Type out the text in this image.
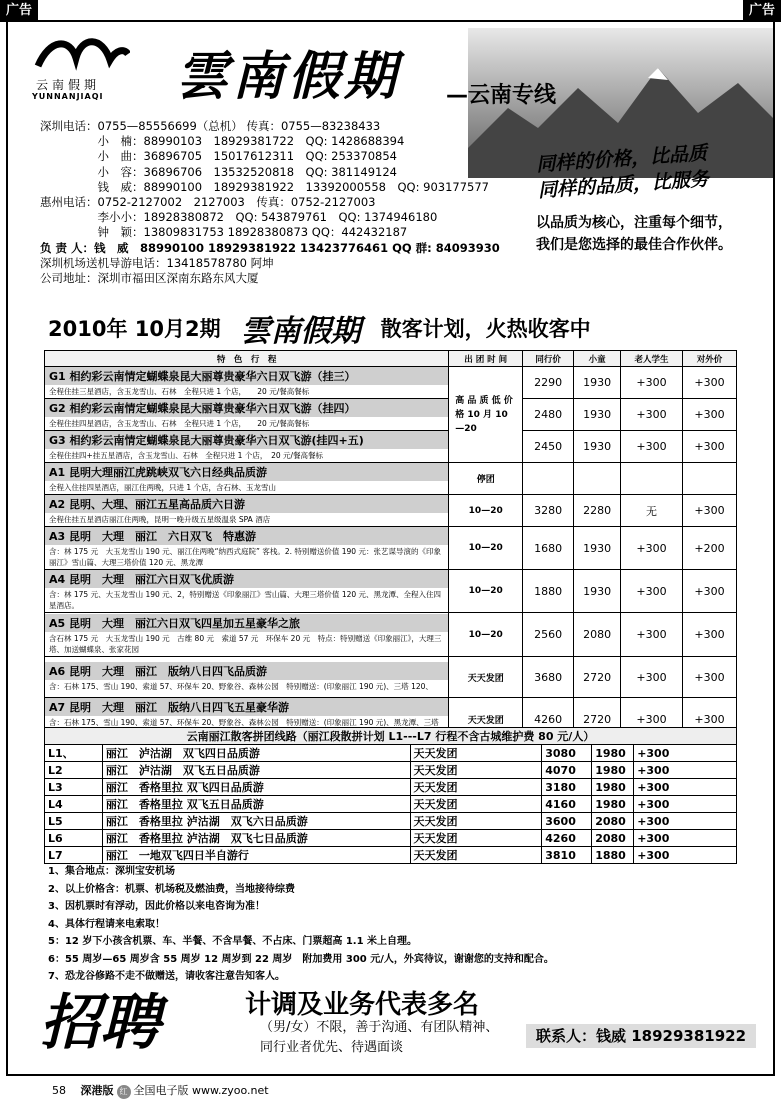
广告	广告
云南假期
YUNNANJIAQI 雲南假期 —云南专线
同样的价格，比品质
同样的品质，比服务
以品质为核心，注重每个细节，
我们是您选择的最佳合作伙伴。
深圳电话：0755—85556699（总机） 传真：0755—83238433
　　　　　小　楠：88990103　18929381722　QQ: 1428688394
　　　　　小　曲：36896705　15017612311　QQ: 253370854
　　　　　小　容：36896706　13532520818　QQ: 381149124
　　　　　钱　威：88990100　18929381922　13392000558　QQ: 903177577
惠州电话：0752-2127002　2127003　传真：0752-2127003
　　　　　李小小：18928380872　QQ: 543879761　QQ: 1374946180
　　　　　钟　颖：13809831753 18928380873 QQ：442432187
负 责 人：钱　威　88990100 18929381922 13423776461 QQ 群: 84093930
深圳机场送机导游电话：13418578780 阿坤
公司地址：深圳市福田区深南东路东风大厦
2010年 10月2期 雲南假期 散客计划，火热收客中
特　色　行　程	出 团 时 间	同行价	小童	老人学生	对外价

G1 相约彩云南情定蝴蝶泉昆大丽尊贵豪华六日双飞游（挂三）
全程住挂三星酒店，含玉龙雪山、石林　全程只进 1 个店，　　20 元/餐高餐标	高 品 质 低 价格 10 月 10—20	2290	1930	+300	+300

G2 相约彩云南情定蝴蝶泉昆大丽尊贵豪华六日双飞游（挂四）
全程住挂四星酒店，含玉龙雪山、石林　全程只进 1 个店，　　20 元/餐高餐标		2480	1930	+300	+300

G3 相约彩云南情定蝴蝶泉昆大丽尊贵豪华六日双飞游(挂四+五)
全程住挂四+挂五星酒店，含玉龙雪山、石林　全程只进 1 个店，　20 元/餐高餐标		2450	1930	+300	+300

A1 昆明大理丽江虎跳峡双飞六日经典品质游
全程入住挂四星酒店，丽江住两晚，只进 1 个店，含石林、玉龙雪山	停团				

A2 昆明、大理、丽江五星高品质六日游
全程住挂五星酒店丽江住两晚，昆明一晚升级五星级温泉 SPA 酒店	10—20	3280	2280	无	+300

A3 昆明　大理　丽江　六日双飞　特惠游
含：林 175 元　大玉龙雪山 190 元、丽江住两晚“纳西式庭院” 客栈。2. 特别赠送价值 190 元：张艺谋导演的《印象丽江》雪山篇、大理三塔价值 120 元、黑龙潭	10—20	1680	1930	+300	+200

A4 昆明　大理　丽江六日双飞优质游
含：林 175 元、大玉龙雪山 190 元、2，特别赠送《印象丽江》雪山篇、大理三塔价值 120 元、黑龙潭、全程入住四星酒店。	10—20	1880	1930	+300	+300

A5 昆明　大理　丽江六日双飞四星加五星豪华之旅
含石林 175 元　大玉龙雪山 190 元　古维 80 元　索道 57 元　环保车 20 元　特点：特别赠送《印象丽江》，大理三塔、加送蝴蝶泉、张家花园	10—20	2560	2080	+300	+300

A6 昆明　大理　丽江　版纳八日四飞品质游
含：石林 175、雪山 190、索道 57、环保车 20、野象谷、森林公园　特别赠送：(印象丽江 190 元)、三塔 120、	天天发团	3680	2720	+300	+300

A7 昆明　大理　丽江　版纳八日四飞五星豪华游
含：石林 175、雪山 190、索道 57、环保车 20、野象谷、森林公园　特别赠送：(印象丽江 190 元)、黑龙潭、三塔	天天发团	4260	2720	+300	+300
云南丽江散客拼团线路（丽江段散拼计划 L1---L7 行程不含古城维护费 80 元/人）					
L1、	丽江　泸沽湖　双飞四日品质游	天天发团	3080	1980	+300
L2	丽江　泸沽湖　双飞五日品质游	天天发团	4070	1980	+300
L3	丽江　香格里拉 双飞四日品质游	天天发团	3180	1980	+300
L4	丽江　香格里拉 双飞五日品质游	天天发团	4160	1980	+300
L5	丽江　香格里拉 泸沽湖　双飞六日品质游	天天发团	3600	2080	+300
L6	丽江　香格里拉 泸沽湖　双飞七日品质游	天天发团	4260	2080	+300
L7	丽江　一地双飞四日半自游行	天天发团	3810	1880	+300
1、集合地点：深圳宝安机场
2、以上价格含：机票、机场税及燃油费，当地接待综费
3、因机票时有浮动，因此价格以来电咨询为准！
4、具体行程请来电索取！
5：12 岁下小孩含机票、车、半餐、不含早餐、不占床、门票超高 1.1 米上自理。
6：55 周岁—65 周岁含 55 周岁 12 周岁到 22 周岁　附加费用 300 元/人，外宾待议，谢谢您的支持和配合。
7、恐龙谷修路不走不做赠送，请收客注意告知客人。
招聘	计调及业务代表多名
（男/女）不限，善于沟通、有团队精神、
同行业者优先、待遇面谈
联系人：钱威 18929381922
58　 深港版 红 全国电子版 www.zyoo.net
